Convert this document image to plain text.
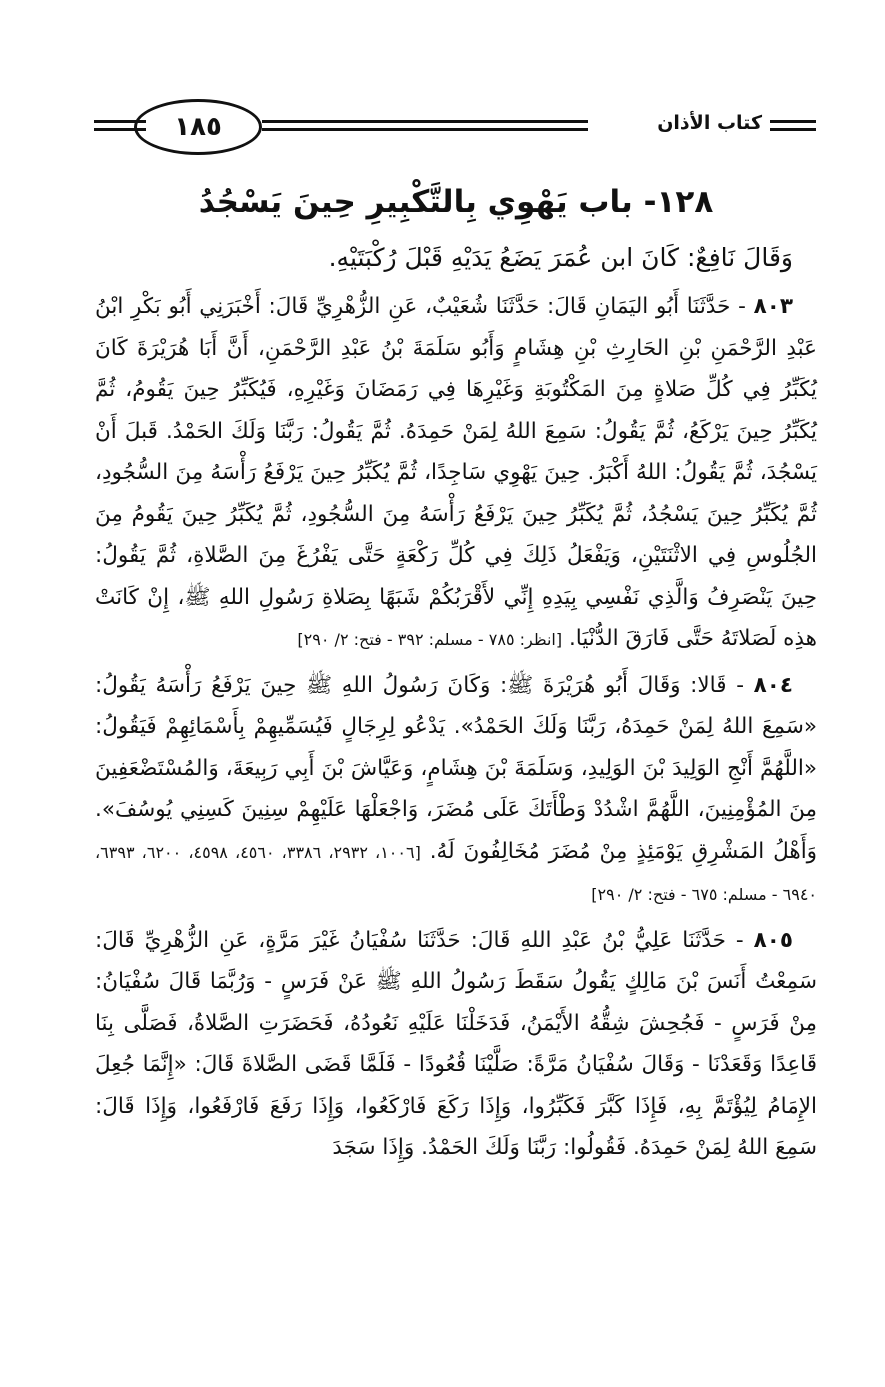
١٨٥	كتاب الأذان
١٢٨- باب يَهْوِي بِالتَّكْبِيرِ حِينَ يَسْجُدُ

وَقَالَ نَافِعٌ: كَانَ ابن عُمَرَ يَضَعُ يَدَيْهِ قَبْلَ رُكْبَتَيْهِ.

٨٠٣ - حَدَّثَنَا أَبُو اليَمَانِ قَالَ: حَدَّثَنَا شُعَيْبٌ، عَنِ الزُّهْرِيِّ قَالَ: أَخْبَرَنِي أَبُو بَكْرِ ابْنُ عَبْدِ الرَّحْمَنِ بْنِ الحَارِثِ بْنِ هِشَامٍ وَأَبُو سَلَمَةَ بْنُ عَبْدِ الرَّحْمَنِ، أَنَّ أَبَا هُرَيْرَةَ كَانَ يُكَبِّرُ فِي كُلِّ صَلاةٍ مِنَ المَكْتُوبَةِ وَغَيْرِهَا فِي رَمَضَانَ وَغَيْرِهِ، فَيُكَبِّرُ حِينَ يَقُومُ، ثُمَّ يُكَبِّرُ حِينَ يَرْكَعُ، ثُمَّ يَقُولُ: سَمِعَ اللهُ لِمَنْ حَمِدَهُ. ثُمَّ يَقُولُ: رَبَّنَا وَلَكَ الحَمْدُ. قَبلَ أَنْ يَسْجُدَ، ثُمَّ يَقُولُ: اللهُ أَكْبَرُ. حِينَ يَهْوِي سَاجِدًا، ثُمَّ يُكَبِّرُ حِينَ يَرْفَعُ رَأْسَهُ مِنَ السُّجُودِ، ثُمَّ يُكَبِّرُ حِينَ يَسْجُدُ، ثُمَّ يُكَبِّرُ حِينَ يَرْفَعُ رَأْسَهُ مِنَ السُّجُودِ، ثُمَّ يُكَبِّرُ حِينَ يَقُومُ مِنَ الجُلُوسِ فِي الاثْنَتَيْنِ، وَيَفْعَلُ ذَلِكَ فِي كُلِّ رَكْعَةٍ حَتَّى يَفْرُغَ مِنَ الصَّلاةِ، ثُمَّ يَقُولُ: حِينَ يَنْصَرِفُ وَالَّذِي نَفْسِي بِيَدِهِ إِنِّي لأَقْرَبُكُمْ شَبَهًا بِصَلاةِ رَسُولِ اللهِ ﷺ، إِنْ كَانَتْ هذِه لَصَلاتَهُ حَتَّى فَارَقَ الدُّنْيَا. [انظر: ٧٨٥ - مسلم: ٣٩٢ - فتح: ٢/ ٢٩٠]

٨٠٤ - قَالا: وَقَالَ أَبُو هُرَيْرَةَ ﷺ: وَكَانَ رَسُولُ اللهِ ﷺ حِينَ يَرْفَعُ رَأْسَهُ يَقُولُ: «سَمِعَ اللهُ لِمَنْ حَمِدَهُ، رَبَّنَا وَلَكَ الحَمْدُ». يَدْعُو لِرِجَالٍ فَيُسَمِّيهِمْ بِأَسْمَائِهِمْ فَيَقُولُ: «اللَّهُمَّ أَنْجِ الوَلِيدَ بْنَ الوَلِيدِ، وَسَلَمَةَ بْنَ هِشَامٍ، وَعَيَّاشَ بْنَ أَبِي رَبِيعَةَ، وَالمُسْتَضْعَفِينَ مِنَ المُؤْمِنِينَ، اللَّهُمَّ اشْدُدْ وَطْأَتَكَ عَلَى مُضَرَ، وَاجْعَلْهَا عَلَيْهِمْ سِنِينَ كَسِنِي يُوسُفَ». وَأَهْلُ المَشْرِقِ يَوْمَئِذٍ مِنْ مُضَرَ مُخَالِفُونَ لَهُ. [١٠٠٦، ٢٩٣٢، ٣٣٨٦، ٤٥٦٠، ٤٥٩٨، ٦٢٠٠، ٦٣٩٣، ٦٩٤٠ - مسلم: ٦٧٥ - فتح: ٢/ ٢٩٠]

٨٠٥ - حَدَّثَنَا عَلِيُّ بْنُ عَبْدِ اللهِ قَالَ: حَدَّثَنَا سُفْيَانُ غَيْرَ مَرَّةٍ، عَنِ الزُّهْرِيِّ قَالَ: سَمِعْتُ أَنَسَ بْنَ مَالِكٍ يَقُولُ سَقَطَ رَسُولُ اللهِ ﷺ عَنْ فَرَسٍ - وَرُبَّمَا قَالَ سُفْيَانُ: مِنْ فَرَسٍ - فَجُحِشَ شِقُّهُ الأَيْمَنُ، فَدَخَلْنَا عَلَيْهِ نَعُودُهُ، فَحَضَرَتِ الصَّلاةُ، فَصَلَّى بِنَا قَاعِدًا وَقَعَدْنَا - وَقَالَ سُفْيَانُ مَرَّةً: صَلَّيْنَا قُعُودًا - فَلَمَّا قَضَى الصَّلاةَ قَالَ: «إِنَّمَا جُعِلَ الإِمَامُ لِيُؤْتَمَّ بِهِ، فَإِذَا كَبَّرَ فَكَبِّرُوا، وَإِذَا رَكَعَ فَارْكَعُوا، وَإِذَا رَفَعَ فَارْفَعُوا، وَإِذَا قَالَ: سَمِعَ اللهُ لِمَنْ حَمِدَهُ. فَقُولُوا: رَبَّنَا وَلَكَ الحَمْدُ. وَإِذَا سَجَدَ
